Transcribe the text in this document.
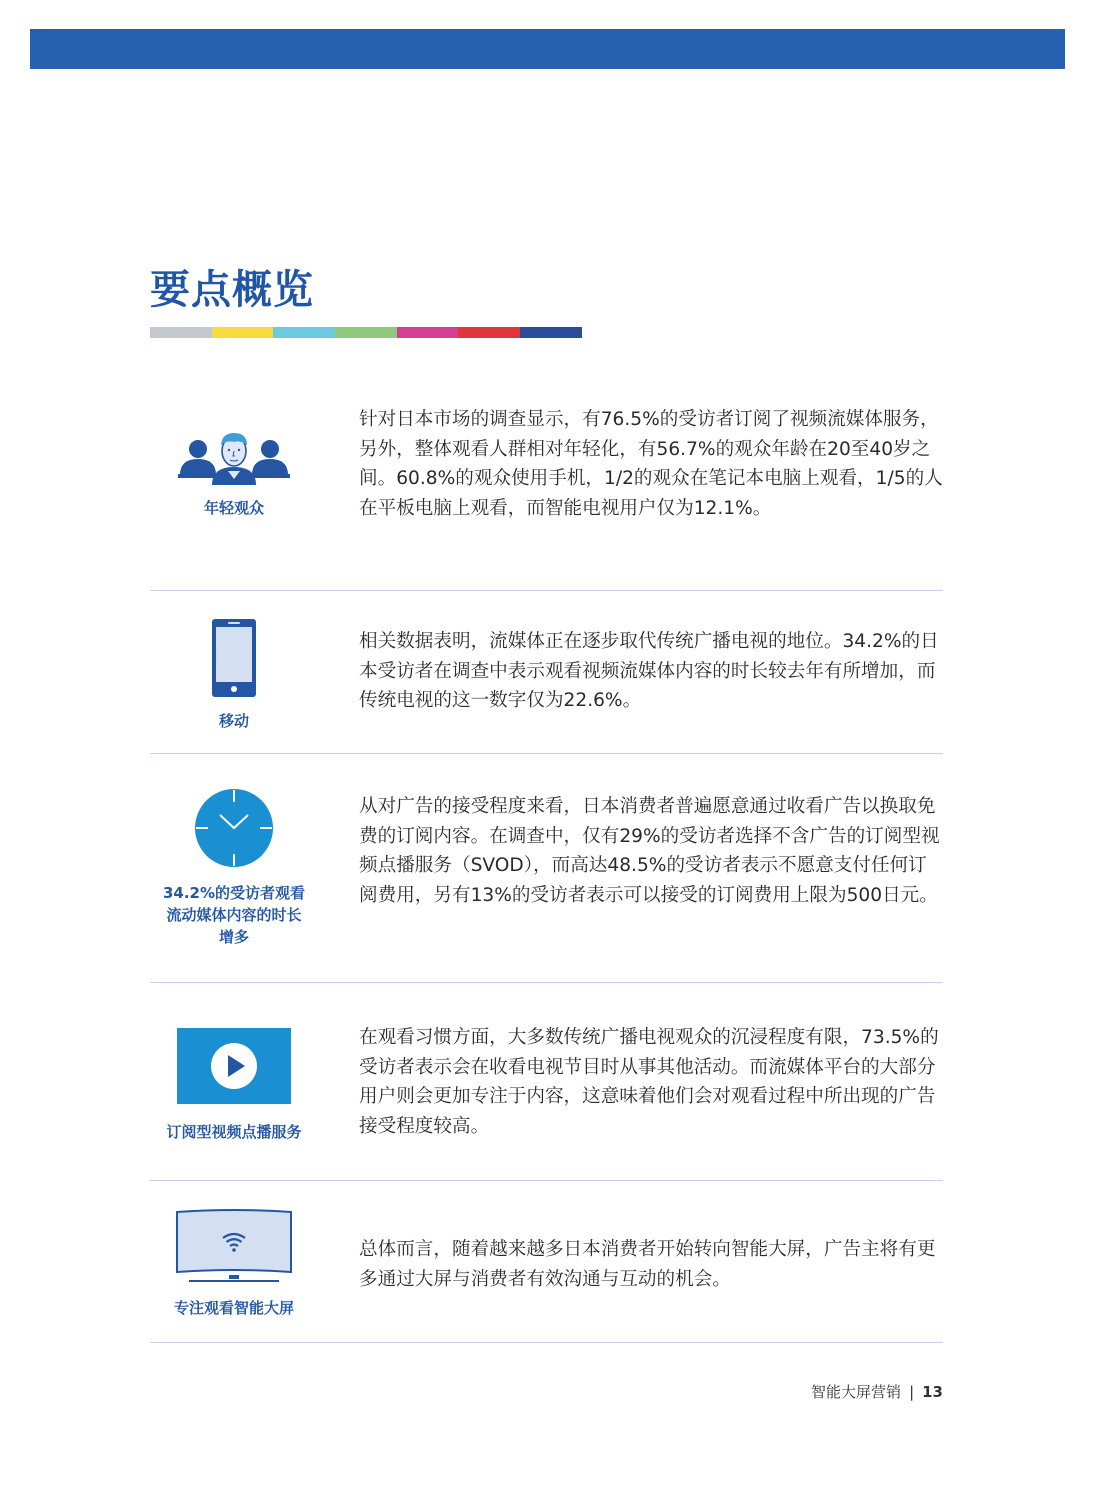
要点概览
年轻观众
针对日本市场的调查显示，有76.5%的受访者订阅了视频流媒体服务，另外，整体观看人群相对年轻化，有56.7%的观众年龄在20至40岁之间。60.8%的观众使用手机，1/2的观众在笔记本电脑上观看，1/5的人在平板电脑上观看，而智能电视用户仅为12.1%。
移动
相关数据表明，流媒体正在逐步取代传统广播电视的地位。34.2%的日本受访者在调查中表示观看视频流媒体内容的时长较去年有所增加，而传统电视的这一数字仅为22.6%。
34.2%的受访者观看流动媒体内容的时长增多
从对广告的接受程度来看，日本消费者普遍愿意通过收看广告以换取免费的订阅内容。在调查中，仅有29%的受访者选择不含广告的订阅型视频点播服务（SVOD），而高达48.5%的受访者表示不愿意支付任何订阅费用，另有13%的受访者表示可以接受的订阅费用上限为500日元。
订阅型视频点播服务
在观看习惯方面，大多数传统广播电视观众的沉浸程度有限，73.5%的受访者表示会在收看电视节目时从事其他活动。而流媒体平台的大部分用户则会更加专注于内容，这意味着他们会对观看过程中所出现的广告接受程度较高。
专注观看智能大屏
总体而言，随着越来越多日本消费者开始转向智能大屏，广告主将有更多通过大屏与消费者有效沟通与互动的机会。
智能大屏营销 | 13
